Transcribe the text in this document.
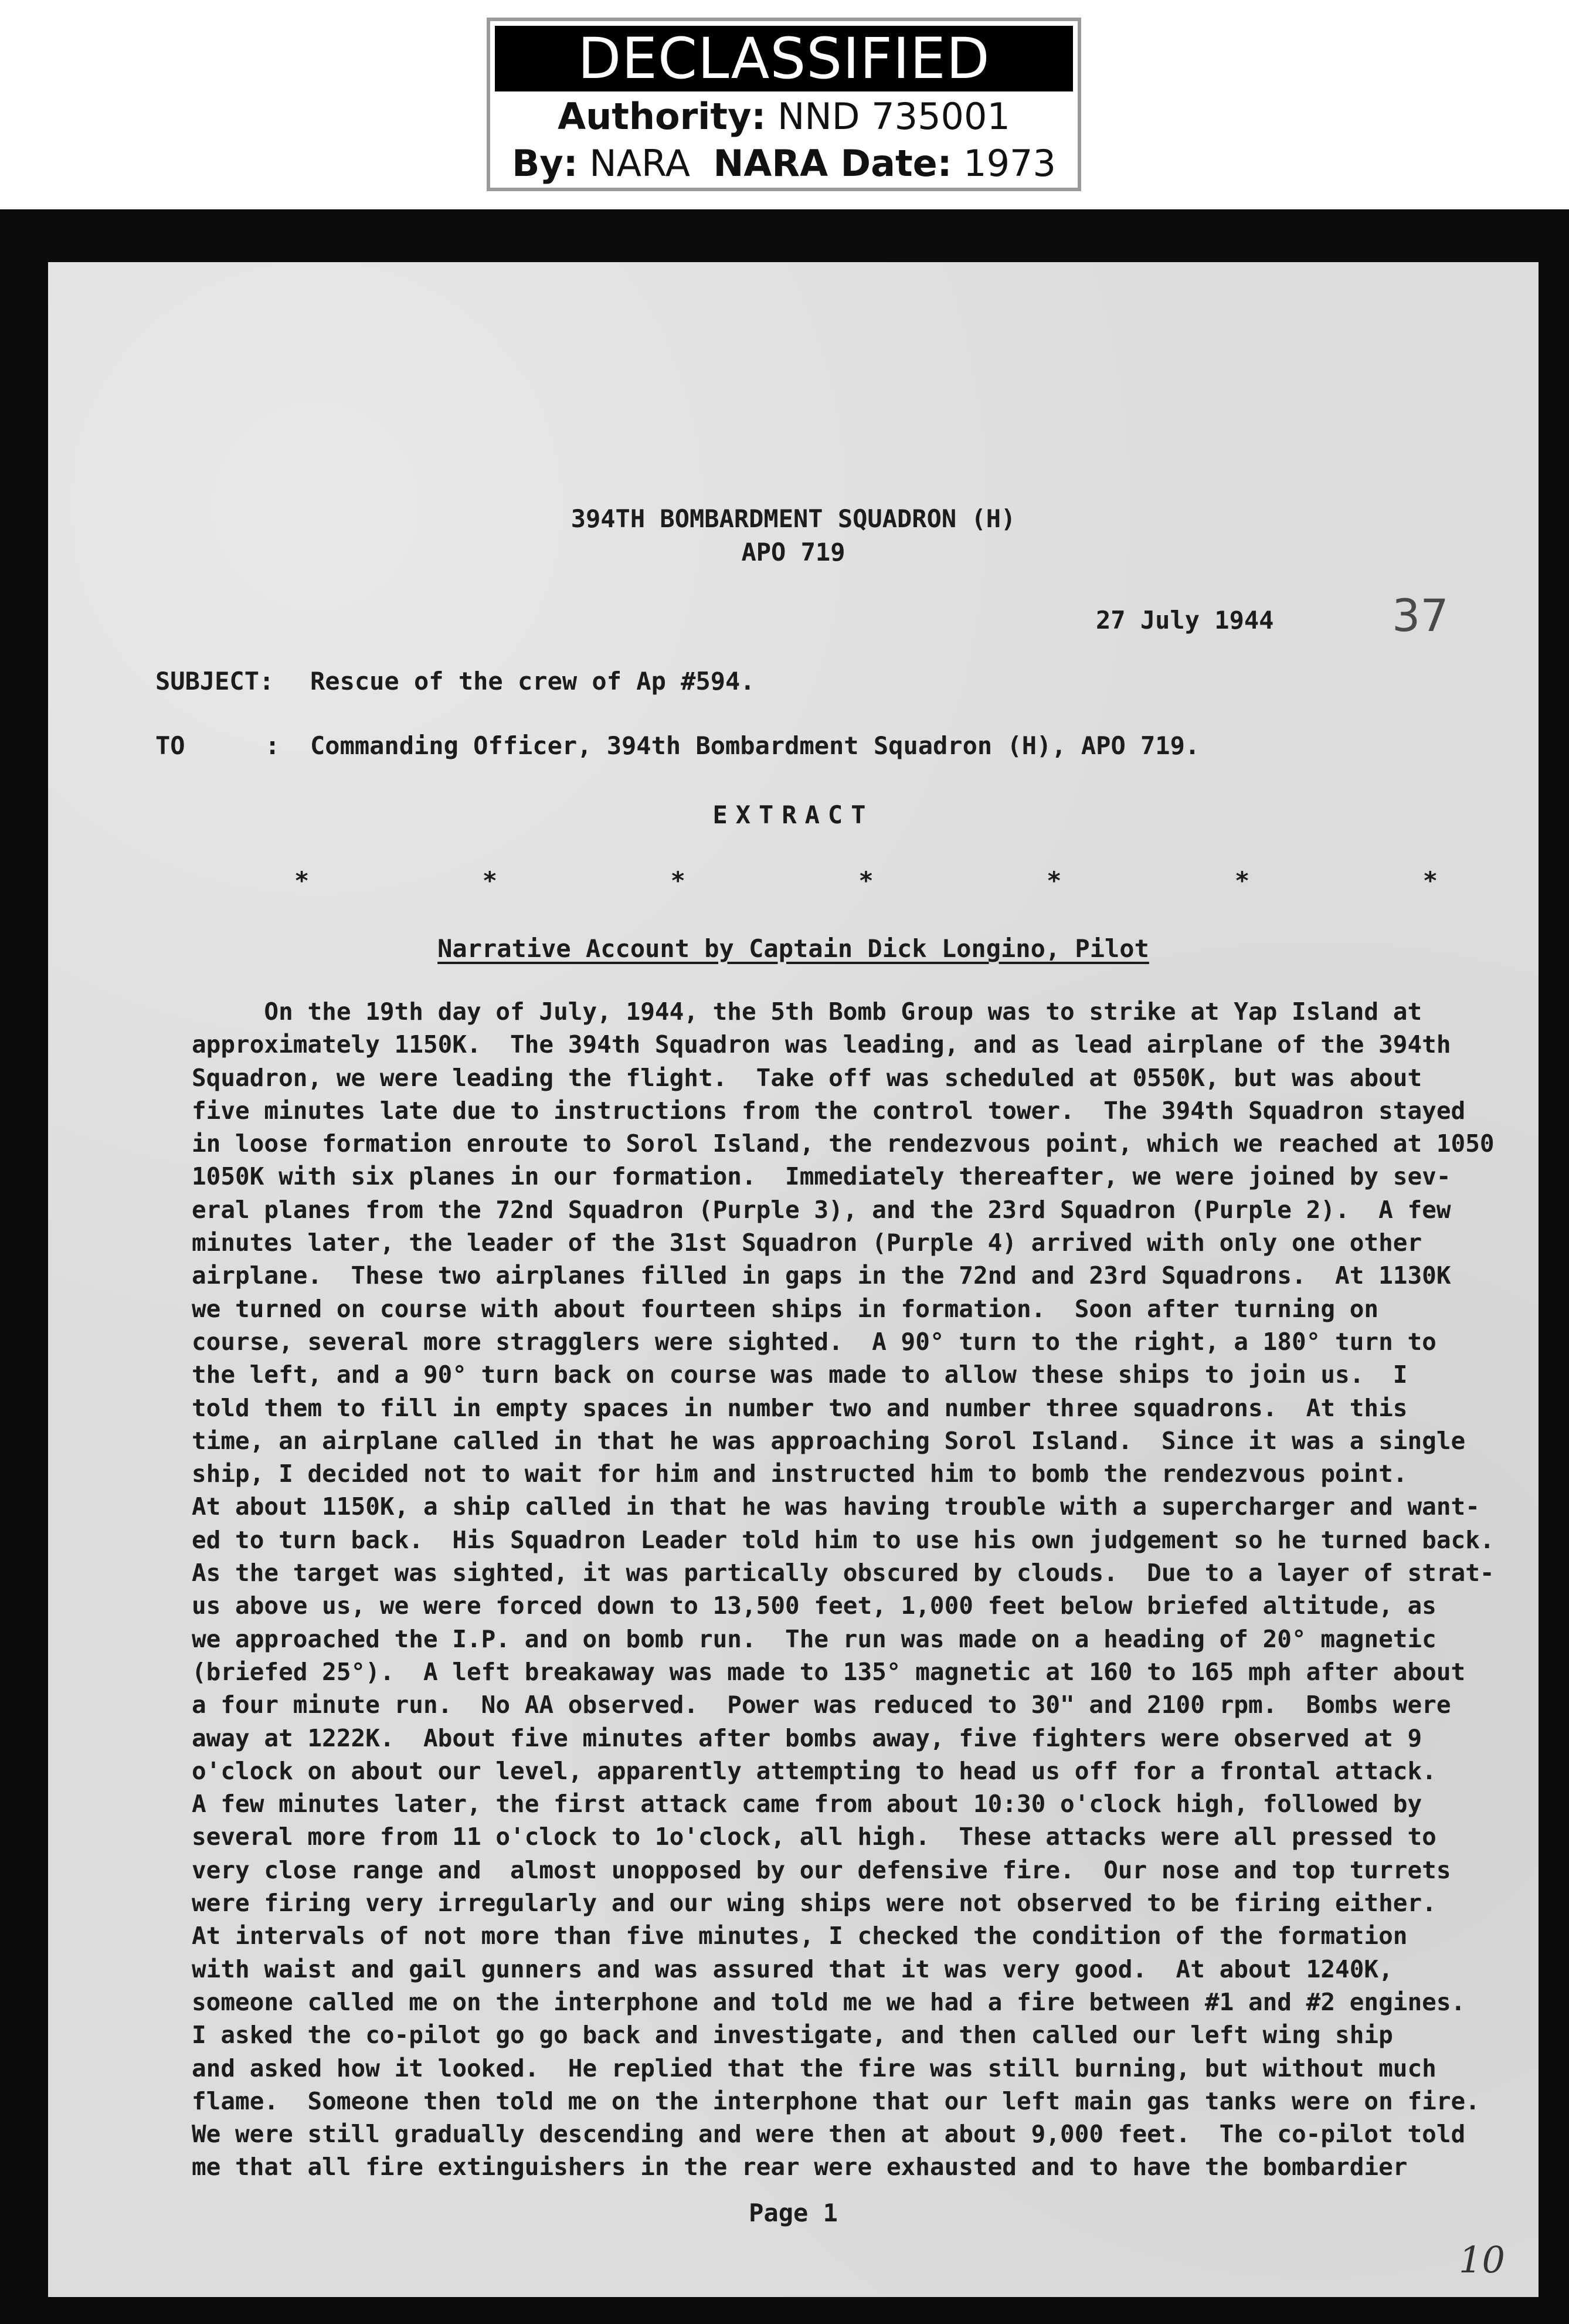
DECLASSIFIED
Authority: NND 735001
By: NARA NARA Date: 1973
394TH BOMBARDMENT SQUADRON (H)
APO 719
27 July 1944	37
SUBJECT: Rescue of the crew of Ap #594.
TO	: Commanding Officer, 394th Bombardment Squadron (H), APO 719.
EXTRACT
*	*	*	*	*	*	*
Narrative Account by Captain Dick Longino, Pilot
On the 19th day of July, 1944, the 5th Bomb Group was to strike at Yap Island at
approximately 1150K.  The 394th Squadron was leading, and as lead airplane of the 394th
Squadron, we were leading the flight.  Take off was scheduled at 0550K, but was about
five minutes late due to instructions from the control tower.  The 394th Squadron stayed
in loose formation enroute to Sorol Island, the rendezvous point, which we reached at 1050
1050K with six planes in our formation.  Immediately thereafter, we were joined by sev-
eral planes from the 72nd Squadron (Purple 3), and the 23rd Squadron (Purple 2).  A few
minutes later, the leader of the 31st Squadron (Purple 4) arrived with only one other
airplane.  These two airplanes filled in gaps in the 72nd and 23rd Squadrons.  At 1130K
we turned on course with about fourteen ships in formation.  Soon after turning on
course, several more stragglers were sighted.  A 90° turn to the right, a 180° turn to
the left, and a 90° turn back on course was made to allow these ships to join us.  I
told them to fill in empty spaces in number two and number three squadrons.  At this
time, an airplane called in that he was approaching Sorol Island.  Since it was a single
ship, I decided not to wait for him and instructed him to bomb the rendezvous point.
At about 1150K, a ship called in that he was having trouble with a supercharger and want-
ed to turn back.  His Squadron Leader told him to use his own judgement so he turned back.
As the target was sighted, it was partically obscured by clouds.  Due to a layer of strat-
us above us, we were forced down to 13,500 feet, 1,000 feet below briefed altitude, as
we approached the I.P. and on bomb run.  The run was made on a heading of 20° magnetic
(briefed 25°).  A left breakaway was made to 135° magnetic at 160 to 165 mph after about
a four minute run.  No AA observed.  Power was reduced to 30" and 2100 rpm.  Bombs were
away at 1222K.  About five minutes after bombs away, five fighters were observed at 9
o'clock on about our level, apparently attempting to head us off for a frontal attack.
A few minutes later, the first attack came from about 10:30 o'clock high, followed by
several more from 11 o'clock to 1o'clock, all high.  These attacks were all pressed to
very close range and  almost unopposed by our defensive fire.  Our nose and top turrets
were firing very irregularly and our wing ships were not observed to be firing either.
At intervals of not more than five minutes, I checked the condition of the formation
with waist and gail gunners and was assured that it was very good.  At about 1240K,
someone called me on the interphone and told me we had a fire between #1 and #2 engines.
I asked the co-pilot go go back and investigate, and then called our left wing ship
and asked how it looked.  He replied that the fire was still burning, but without much
flame.  Someone then told me on the interphone that our left main gas tanks were on fire.
We were still gradually descending and were then at about 9,000 feet.  The co-pilot told
me that all fire extinguishers in the rear were exhausted and to have the bombardier
Page 1
10
